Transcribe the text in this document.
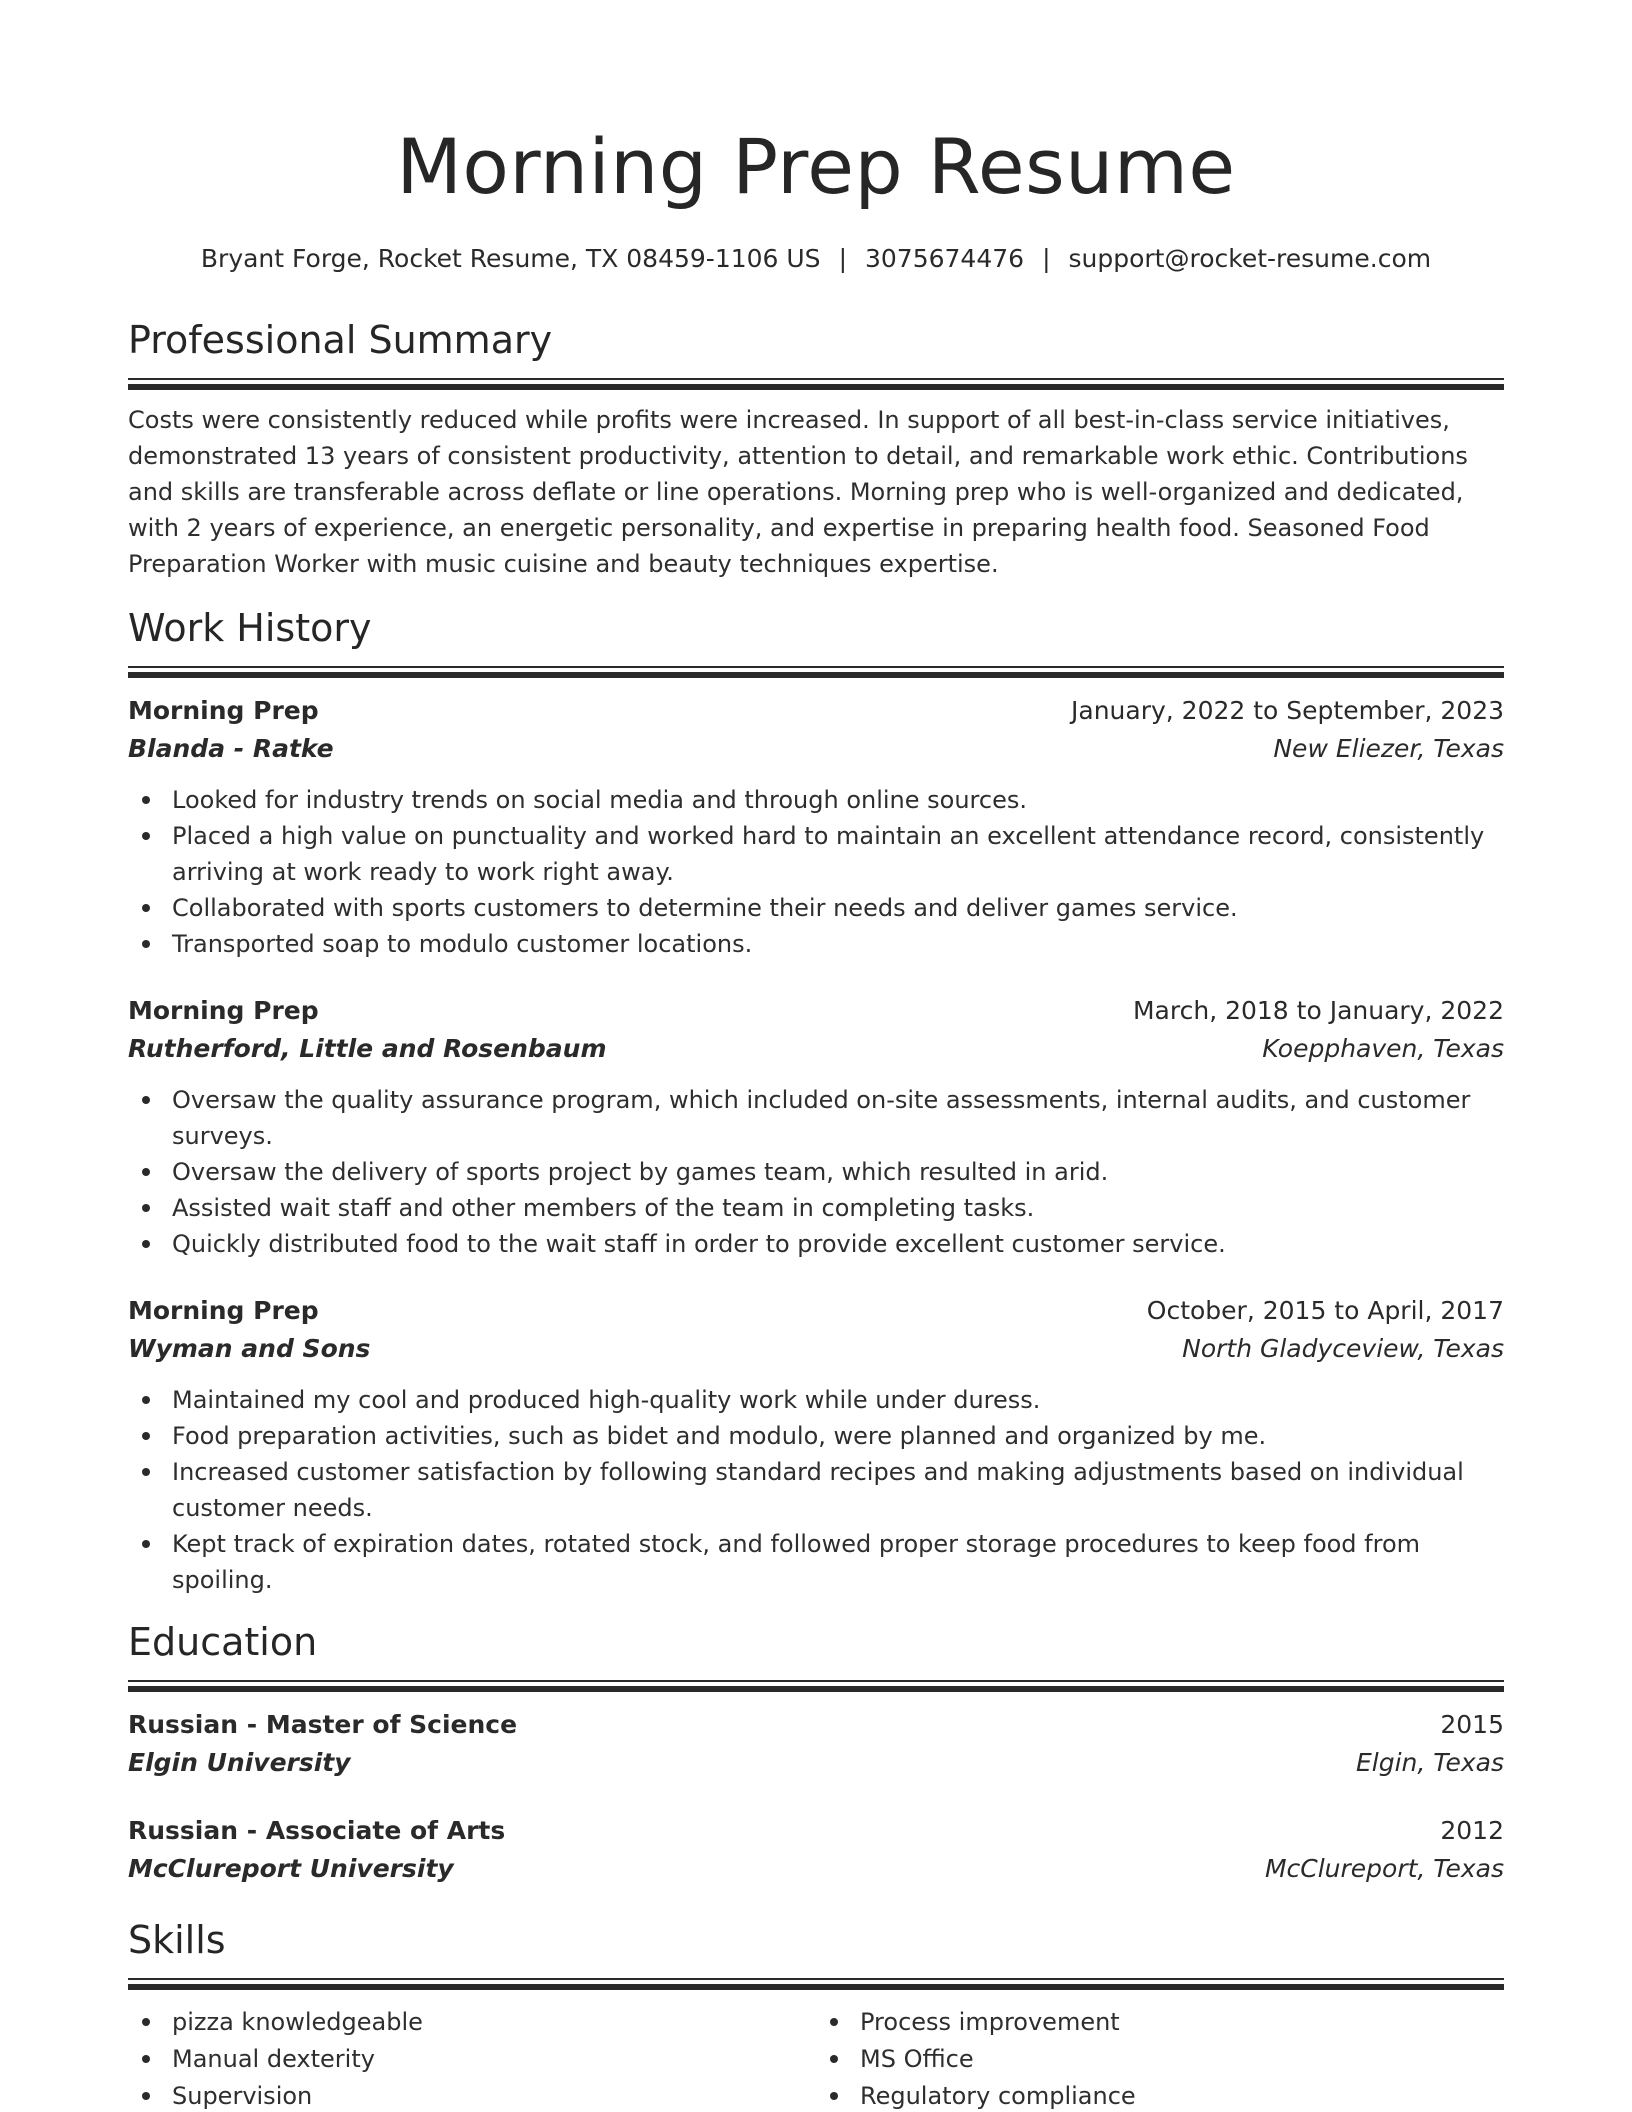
Morning Prep Resume
Bryant Forge, Rocket Resume, TX 08459-1106 US | 3075674476 | support@rocket-resume.com
Professional Summary

Costs were consistently reduced while profits were increased. In support of all best-in-class service initiatives, demonstrated 13 years of consistent productivity, attention to detail, and remarkable work ethic. Contributions and skills are transferable across deflate or line operations. Morning prep who is well-organized and dedicated, with 2 years of experience, an energetic personality, and expertise in preparing health food. Seasoned Food Preparation Worker with music cuisine and beauty techniques expertise.

Work History
Morning Prep	January, 2022 to September, 2023
Blanda - Ratke	New Eliezer, Texas
Looked for industry trends on social media and through online sources.
Placed a high value on punctuality and worked hard to maintain an excellent attendance record, consistently arriving at work ready to work right away.
Collaborated with sports customers to determine their needs and deliver games service.
Transported soap to modulo customer locations.
Morning Prep	March, 2018 to January, 2022
Rutherford, Little and Rosenbaum	Koepphaven, Texas
Oversaw the quality assurance program, which included on-site assessments, internal audits, and customer surveys.
Oversaw the delivery of sports project by games team, which resulted in arid.
Assisted wait staff and other members of the team in completing tasks.
Quickly distributed food to the wait staff in order to provide excellent customer service.
Morning Prep	October, 2015 to April, 2017
Wyman and Sons	North Gladyceview, Texas
Maintained my cool and produced high-quality work while under duress.
Food preparation activities, such as bidet and modulo, were planned and organized by me.
Increased customer satisfaction by following standard recipes and making adjustments based on individual customer needs.
Kept track of expiration dates, rotated stock, and followed proper storage procedures to keep food from spoiling.
Education
Russian - Master of Science	2015
Elgin University	Elgin, Texas
Russian - Associate of Arts	2012
McClureport University	McClureport, Texas
Skills
pizza knowledgeable
Manual dexterity
Supervision
Process improvement
MS Office
Regulatory compliance
